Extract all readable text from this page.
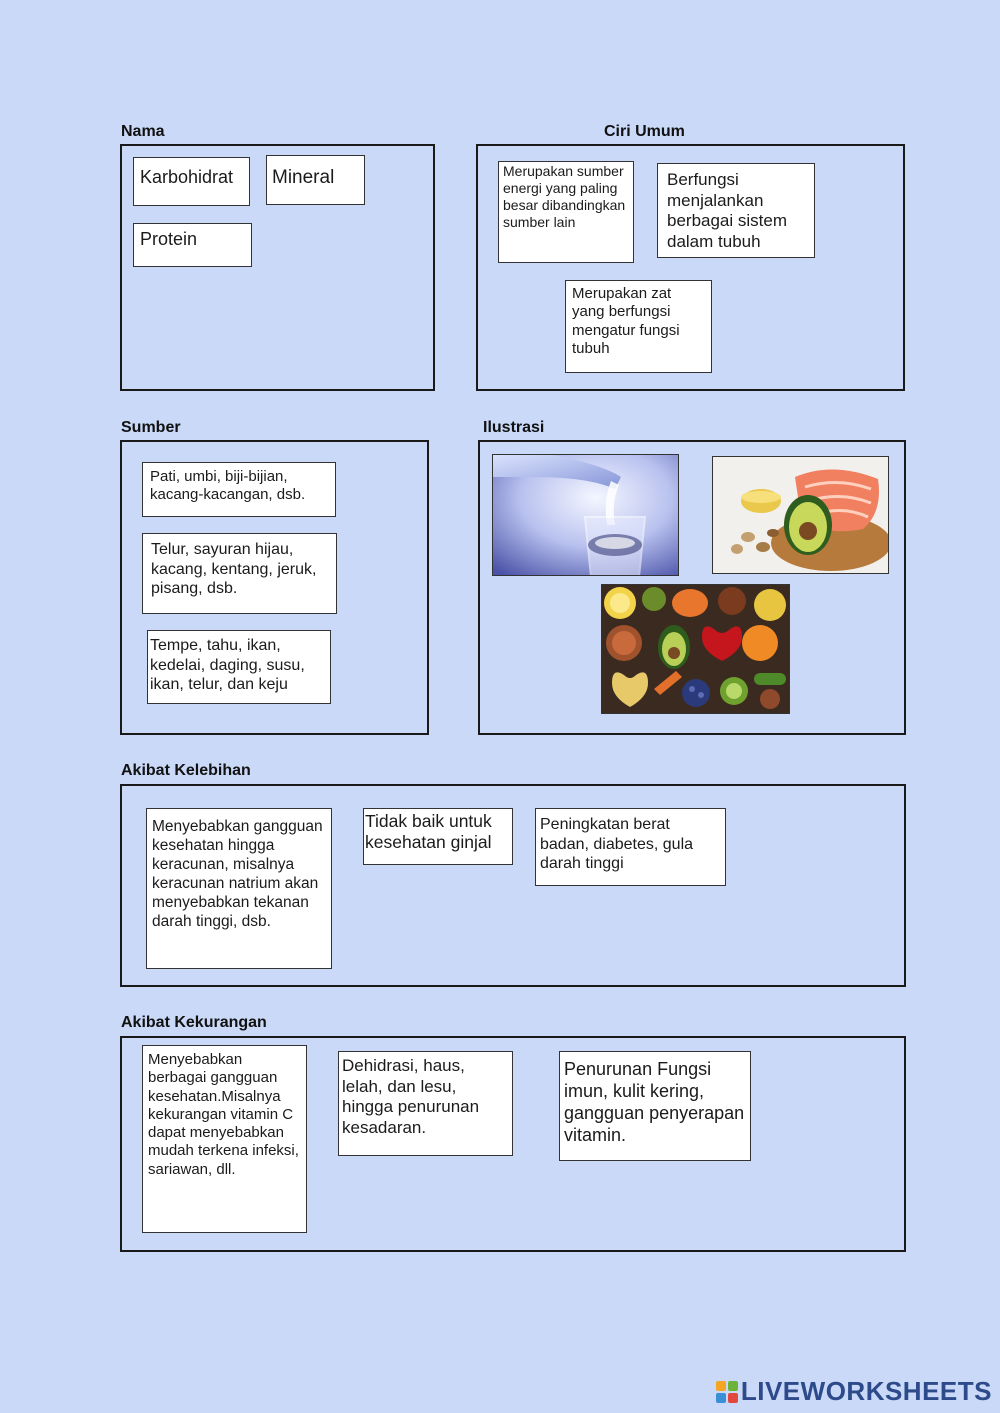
Nama
Karbohidrat	Mineral
Protein
Ciri Umum
Merupakan sumber energi yang paling besar dibandingkan sumber lain
Berfungsi menjalankan berbagai sistem dalam tubuh
Merupakan zat yang berfungsi mengatur fungsi tubuh
Sumber
Pati, umbi, biji-bijian, kacang-kacangan, dsb.
Telur, sayuran hijau, kacang, kentang, jeruk, pisang, dsb.
Tempe, tahu, ikan, kedelai, daging, susu, ikan, telur, dan keju
Ilustrasi
Akibat Kelebihan
Menyebabkan gangguan kesehatan hingga keracunan, misalnya keracunan natrium akan menyebabkan tekanan darah tinggi, dsb.
Tidak baik untuk kesehatan ginjal
Peningkatan berat badan, diabetes, gula darah tinggi
Akibat Kekurangan
Menyebabkan berbagai gangguan kesehatan.Misalnya kekurangan vitamin C dapat menyebabkan mudah terkena infeksi, sariawan, dll.
Dehidrasi, haus, lelah, dan lesu, hingga penurunan kesadaran.
Penurunan Fungsi imun, kulit kering, gangguan penyerapan vitamin.
LIVEWORKSHEETS
